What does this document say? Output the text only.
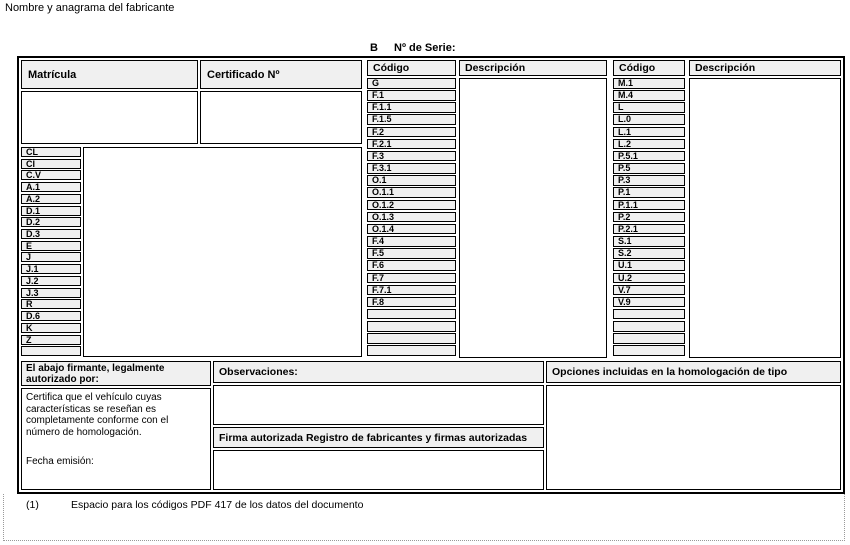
Nombre y anagrama del fabricante
B Nº de Serie:
Matrícula	Certificado Nº
CL
CI
C.V
A.1
A.2
D.1
D.2
D.3
E
J
J.1
J.2
J.3
R
D.6
K
Z
Código	Descripción
G
F.1
F.1.1
F.1.5
F.2
F.2.1
F.3
F.3.1
O.1
O.1.1
O.1.2
O.1.3
O.1.4
F.4
F.5
F.6
F.7
F.7.1
F.8
Código	Descripción
M.1
M.4
L
L.0
L.1
L.2
P.5.1
P.5
P.3
P.1
P.1.1
P.2
P.2.1
S.1
S.2
U.1
U.2
V.7
V.9
El abajo firmante, legalmente autorizado por:
Certifica que el vehículo cuyas características se reseñan es completamente conforme con el número de homologación.
Fecha emisión:
Observaciones:
Firma autorizada Registro de fabricantes y firmas autorizadas
Opciones incluidas en la homologación de tipo
(1)	Espacio para los códigos PDF 417 de los datos del documento
